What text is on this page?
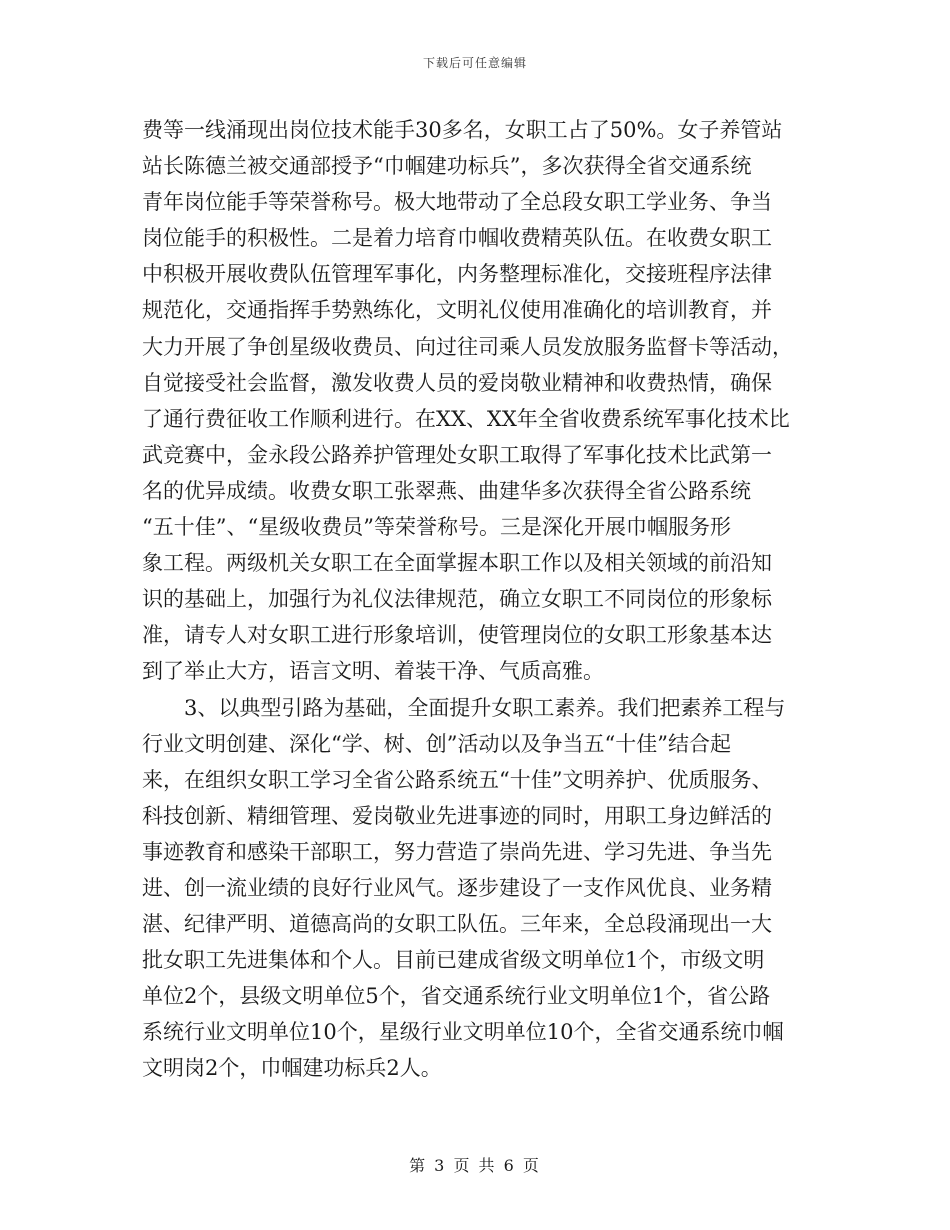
下载后可任意编辑
费等一线涌现出岗位技术能手30多名，女职工占了50%。女子养管站
站长陈德兰被交通部授予“巾帼建功标兵”，多次获得全省交通系统
青年岗位能手等荣誉称号。极大地带动了全总段女职工学业务、争当
岗位能手的积极性。二是着力培育巾帼收费精英队伍。在收费女职工
中积极开展收费队伍管理军事化，内务整理标准化，交接班程序法律
规范化，交通指挥手势熟练化，文明礼仪使用准确化的培训教育，并
大力开展了争创星级收费员、向过往司乘人员发放服务监督卡等活动，
自觉接受社会监督，激发收费人员的爱岗敬业精神和收费热情，确保
了通行费征收工作顺利进行。在XX、XX年全省收费系统军事化技术比
武竞赛中，金永段公路养护管理处女职工取得了军事化技术比武第一
名的优异成绩。收费女职工张翠燕、曲建华多次获得全省公路系统
“五十佳”、“星级收费员”等荣誉称号。三是深化开展巾帼服务形
象工程。两级机关女职工在全面掌握本职工作以及相关领域的前沿知
识的基础上，加强行为礼仪法律规范，确立女职工不同岗位的形象标
准，请专人对女职工进行形象培训，使管理岗位的女职工形象基本达
到了举止大方，语言文明、着装干净、气质高雅。
3、以典型引路为基础，全面提升女职工素养。我们把素养工程与
行业文明创建、深化“学、树、创”活动以及争当五“十佳”结合起
来，在组织女职工学习全省公路系统五“十佳”文明养护、优质服务、
科技创新、精细管理、爱岗敬业先进事迹的同时，用职工身边鲜活的
事迹教育和感染干部职工，努力营造了崇尚先进、学习先进、争当先
进、创一流业绩的良好行业风气。逐步建设了一支作风优良、业务精
湛、纪律严明、道德高尚的女职工队伍。三年来，全总段涌现出一大
批女职工先进集体和个人。目前已建成省级文明单位1个，市级文明
单位2个，县级文明单位5个，省交通系统行业文明单位1个，省公路
系统行业文明单位10个，星级行业文明单位10个，全省交通系统巾帼
文明岗2个，巾帼建功标兵2人。
第 3 页 共 6 页
